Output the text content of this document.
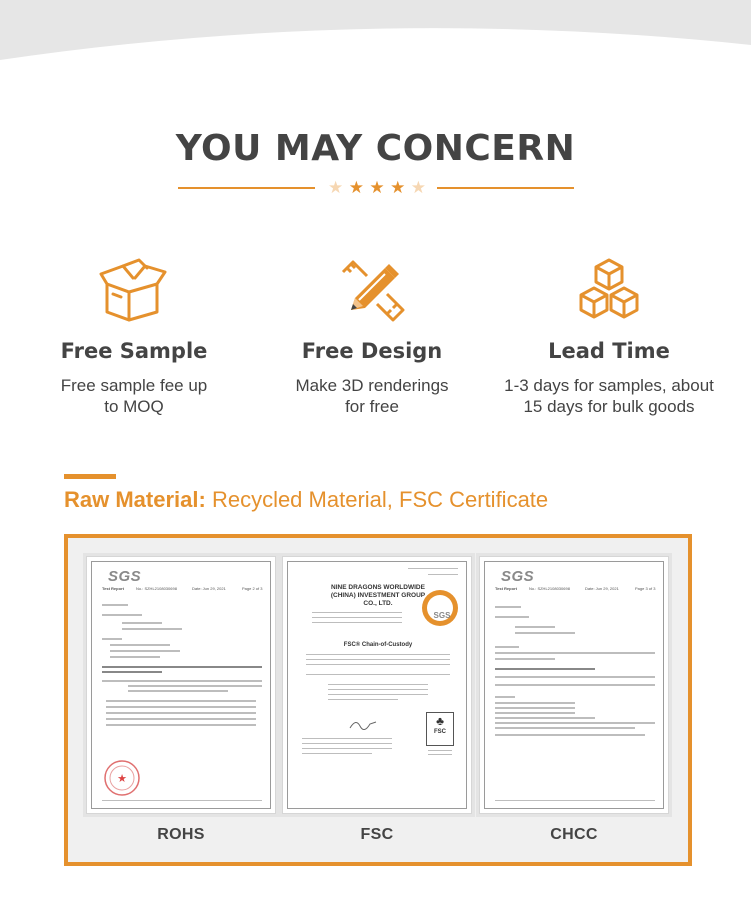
YOU MAY CONCERN
★ ★ ★ ★ ★
Free Sample
Free sample fee up
to MOQ
Free Design
Make 3D renderings
for free
Lead Time
1-3 days for samples, about
15 days for bulk goods
Raw Material: Recycled Material, FSC Certificate
SGS
Test Report	No.: SZHL2108030698	Date: Jun 29, 2021	Page 2 of 3
★
NINE DRAGONS WORLDWIDE
(CHINA) INVESTMENT GROUP
CO., LTD.
SGS
FSC® Chain-of-Custody
♣
FSC
SGS
Test Report	No.: SZHL2108030698	Date: Jun 29, 2021	Page 3 of 3
ROHS	FSC	CHCC
